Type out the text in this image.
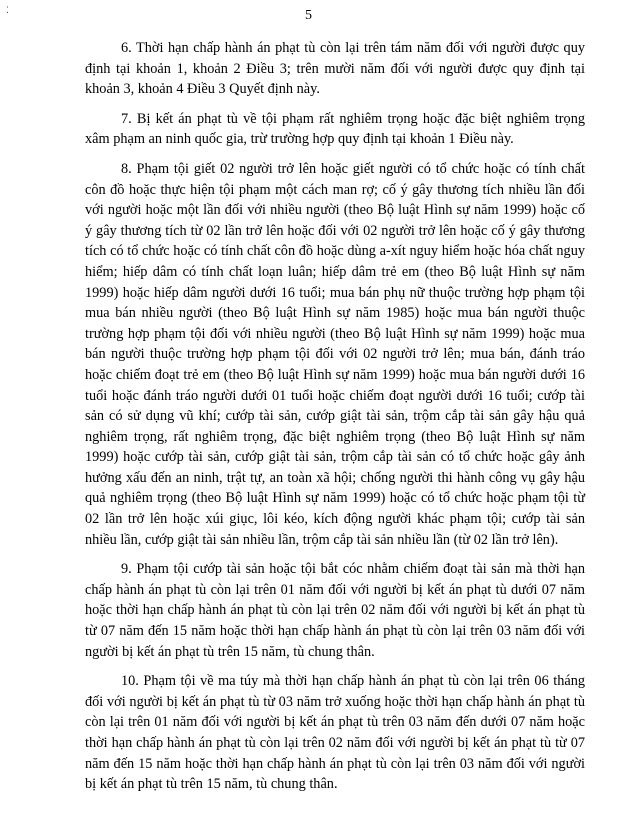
⁚	5

6. Thời hạn chấp hành án phạt tù còn lại trên tám năm đối với người được quy định tại khoản 1, khoản 2 Điều 3; trên mười năm đối với người được quy định tại khoản 3, khoản 4 Điều 3 Quyết định này.

7. Bị kết án phạt tù về tội phạm rất nghiêm trọng hoặc đặc biệt nghiêm trọng xâm phạm an ninh quốc gia, trừ trường hợp quy định tại khoản 1 Điều này.

8. Phạm tội giết 02 người trở lên hoặc giết người có tổ chức hoặc có tính chất côn đồ hoặc thực hiện tội phạm một cách man rợ; cố ý gây thương tích nhiều lần đối với người hoặc một lần đối với nhiều người (theo Bộ luật Hình sự năm 1999) hoặc cố ý gây thương tích từ 02 lần trở lên hoặc đối với 02 người trở lên hoặc cố ý gây thương tích có tổ chức hoặc có tính chất côn đồ hoặc dùng a-xít nguy hiểm hoặc hóa chất nguy hiểm; hiếp dâm có tính chất loạn luân; hiếp dâm trẻ em (theo Bộ luật Hình sự năm 1999) hoặc hiếp dâm người dưới 16 tuổi; mua bán phụ nữ thuộc trường hợp phạm tội mua bán nhiều người (theo Bộ luật Hình sự năm 1985) hoặc mua bán người thuộc trường hợp phạm tội đối với nhiều người (theo Bộ luật Hình sự năm 1999) hoặc mua bán người thuộc trường hợp phạm tội đối với 02 người trở lên; mua bán, đánh tráo hoặc chiếm đoạt trẻ em (theo Bộ luật Hình sự năm 1999) hoặc mua bán người dưới 16 tuổi hoặc đánh tráo người dưới 01 tuổi hoặc chiếm đoạt người dưới 16 tuổi; cướp tài sản có sử dụng vũ khí; cướp tài sản, cướp giật tài sản, trộm cắp tài sản gây hậu quả nghiêm trọng, rất nghiêm trọng, đặc biệt nghiêm trọng (theo Bộ luật Hình sự năm 1999) hoặc cướp tài sản, cướp giật tài sản, trộm cắp tài sản có tổ chức hoặc gây ảnh hưởng xấu đến an ninh, trật tự, an toàn xã hội; chống người thi hành công vụ gây hậu quả nghiêm trọng (theo Bộ luật Hình sự năm 1999) hoặc có tổ chức hoặc phạm tội từ 02 lần trở lên hoặc xúi giục, lôi kéo, kích động người khác phạm tội; cướp tài sản nhiều lần, cướp giật tài sản nhiều lần, trộm cắp tài sản nhiều lần (từ 02 lần trở lên).

9. Phạm tội cướp tài sản hoặc tội bắt cóc nhằm chiếm đoạt tài sản mà thời hạn chấp hành án phạt tù còn lại trên 01 năm đối với người bị kết án phạt tù dưới 07 năm hoặc thời hạn chấp hành án phạt tù còn lại trên 02 năm đối với người bị kết án phạt tù từ 07 năm đến 15 năm hoặc thời hạn chấp hành án phạt tù còn lại trên 03 năm đối với người bị kết án phạt tù trên 15 năm, tù chung thân.

10. Phạm tội về ma túy mà thời hạn chấp hành án phạt tù còn lại trên 06 tháng đối với người bị kết án phạt tù từ 03 năm trở xuống hoặc thời hạn chấp hành án phạt tù còn lại trên 01 năm đối với người bị kết án phạt tù trên 03 năm đến dưới 07 năm hoặc thời hạn chấp hành án phạt tù còn lại trên 02 năm đối với người bị kết án phạt tù từ 07 năm đến 15 năm hoặc thời hạn chấp hành án phạt tù còn lại trên 03 năm đối với người bị kết án phạt tù trên 15 năm, tù chung thân.
